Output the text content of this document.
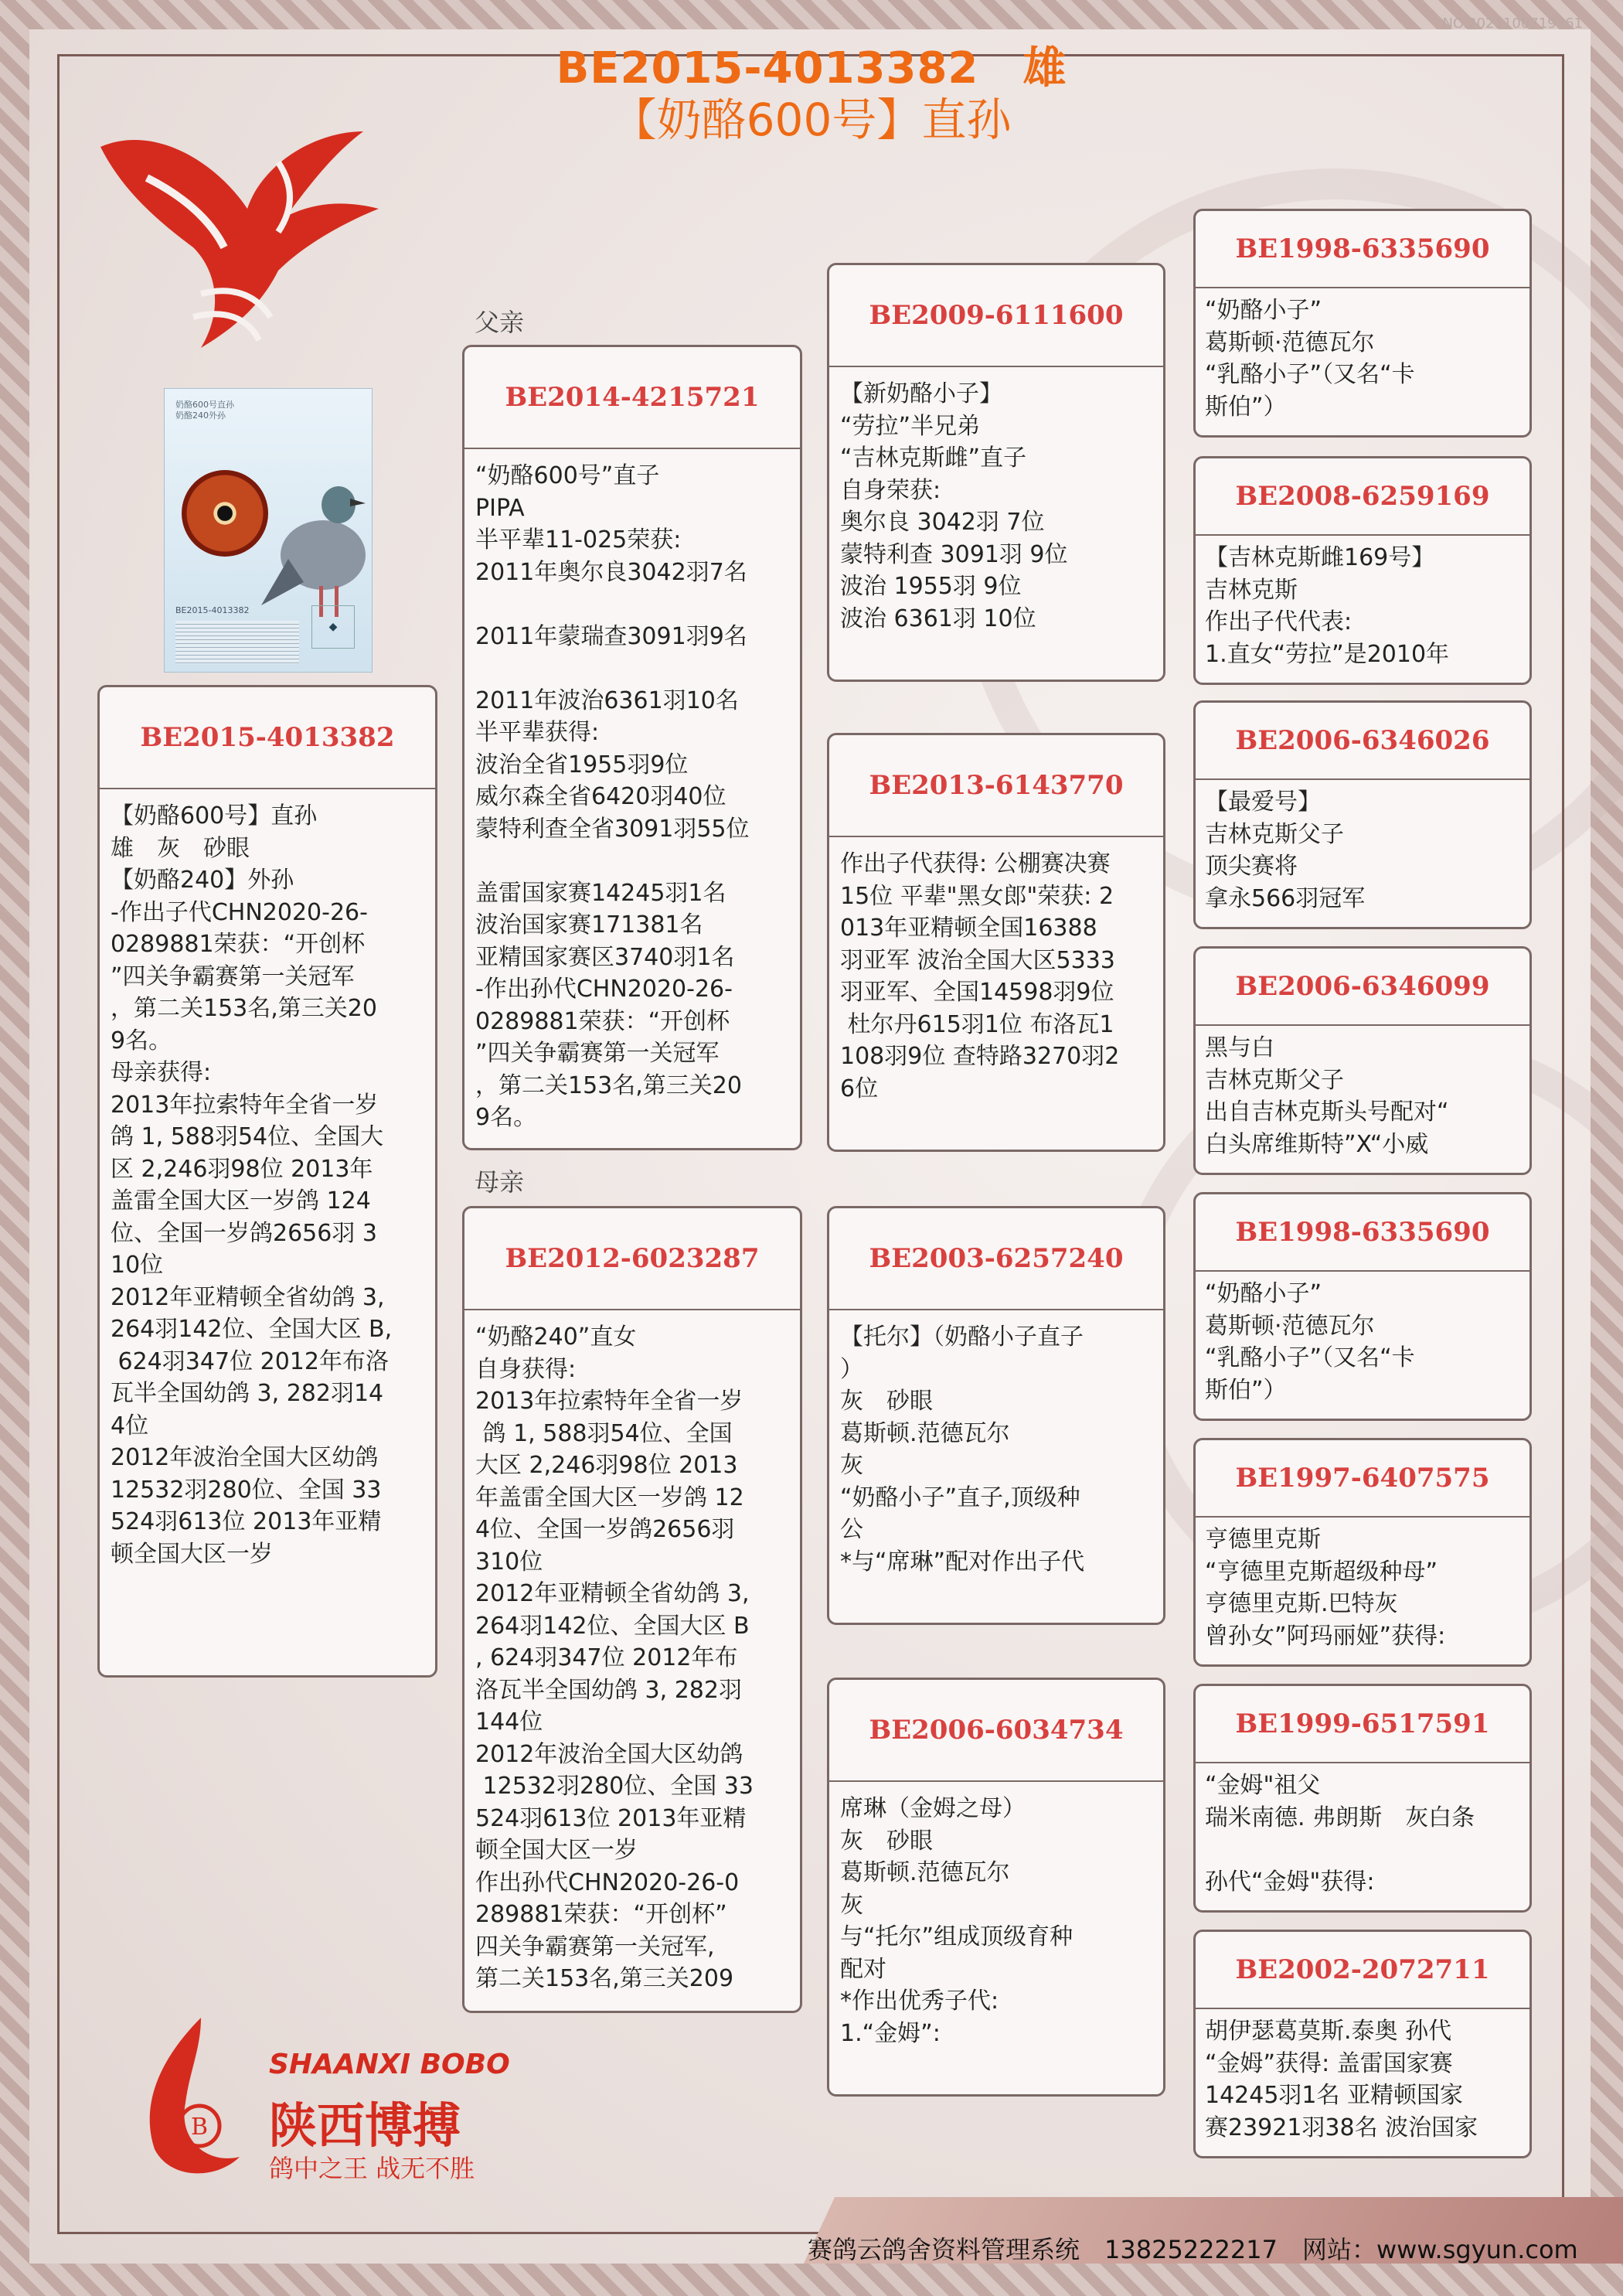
NO.2021100719361
BE2015-4013382　雄
【奶酪600号】直孙
奶酪600号直孙
奶酪240外孙
BE2015-4013382
◆
BE2015-4013382
【奶酪600号】直孙
雄　灰　砂眼
【奶酪240】外孙
-作出子代CHN2020-26-
0289881荣获：“开创杯
”四关争霸赛第一关冠军
，第二关153名,第三关20
9名。
母亲获得:
2013年拉索特年全省一岁
鸽 1, 588羽54位、全国大
区 2,246羽98位 2013年
盖雷全国大区一岁鸽 124
位、全国一岁鸽2656羽 3
10位
2012年亚精顿全省幼鸽 3,
264羽142位、全国大区 B,
624羽347位 2012年布洛
瓦半全国幼鸽 3, 282羽14
4位
2012年波治全国大区幼鸽
12532羽280位、全国 33
524羽613位 2013年亚精
顿全国大区一岁
父亲
BE2014-4215721
“奶酪600号”直子
PIPA
半平辈11-025荣获:
2011年奥尔良3042羽7名

2011年蒙瑞查3091羽9名

2011年波治6361羽10名
半平辈获得:
波治全省1955羽9位
威尔森全省6420羽40位
蒙特利查全省3091羽55位

盖雷国家赛14245羽1名
波治国家赛171381名
亚精国家赛区3740羽1名
-作出孙代CHN2020-26-
0289881荣获：“开创杯
”四关争霸赛第一关冠军
，第二关153名,第三关20
9名。
母亲
BE2012-6023287
“奶酪240”直女
自身获得:
2013年拉索特年全省一岁
鸽 1, 588羽54位、全国
大区 2,246羽98位 2013
年盖雷全国大区一岁鸽 12
4位、全国一岁鸽2656羽
310位
2012年亚精顿全省幼鸽 3,
264羽142位、全国大区 B
, 624羽347位 2012年布
洛瓦半全国幼鸽 3, 282羽
144位
2012年波治全国大区幼鸽
12532羽280位、全国 33
524羽613位 2013年亚精
顿全国大区一岁
作出孙代CHN2020-26-0
289881荣获：“开创杯”
四关争霸赛第一关冠军,
第二关153名,第三关209
BE2009-6111600
【新奶酪小子】
“劳拉”半兄弟
“吉林克斯雌”直子
自身荣获:
奥尔良 3042羽 7位
蒙特利查 3091羽 9位
波治 1955羽 9位
波治 6361羽 10位
BE2013-6143770
作出子代获得: 公棚赛决赛
15位 平辈"黑女郎"荣获: 2
013年亚精顿全国16388
羽亚军 波治全国大区5333
羽亚军、全国14598羽9位
杜尔丹615羽1位 布洛瓦1
108羽9位 查特路3270羽2
6位
BE2003-6257240
【托尔】（奶酪小子直子
）
灰　砂眼
葛斯顿.范德瓦尔
灰
“奶酪小子”直子,顶级种
公
*与“席琳”配对作出子代
BE2006-6034734
席琳（金姆之母）
灰　砂眼
葛斯顿.范德瓦尔
灰
与“托尔”组成顶级育种
配对
*作出优秀子代:
1.“金姆”:
BE1998-6335690
“奶酪小子”
葛斯顿·范德瓦尔
“乳酪小子”（又名“卡
斯伯”）
BE2008-6259169
【吉林克斯雌169号】
吉林克斯
作出子代代表:
1.直女“劳拉”是2010年
BE2006-6346026
【最爱号】
吉林克斯父子
顶尖赛将
拿永566羽冠军
BE2006-6346099
黑与白
吉林克斯父子
出自吉林克斯头号配对“
白头席维斯特”X“小威
BE1998-6335690
“奶酪小子”
葛斯顿·范德瓦尔
“乳酪小子”（又名“卡
斯伯”）
BE1997-6407575
亨德里克斯
“亨德里克斯超级种母”
亨德里克斯.巴特灰
曾孙女”阿玛丽娅”获得:
BE1999-6517591
“金姆"祖父
瑞米南德. 弗朗斯　灰白条

孙代“金姆"获得:
BE2002-2072711
胡伊瑟葛莫斯.泰奥 孙代
“金姆”获得: 盖雷国家赛
14245羽1名 亚精顿国家
赛23921羽38名 波治国家
B
SHAANXI BOBO
陕西博搏
鸽中之王 战无不胜
赛鸽云鸽舍资料管理系统　13825222217　网站：www.sgyun.com
